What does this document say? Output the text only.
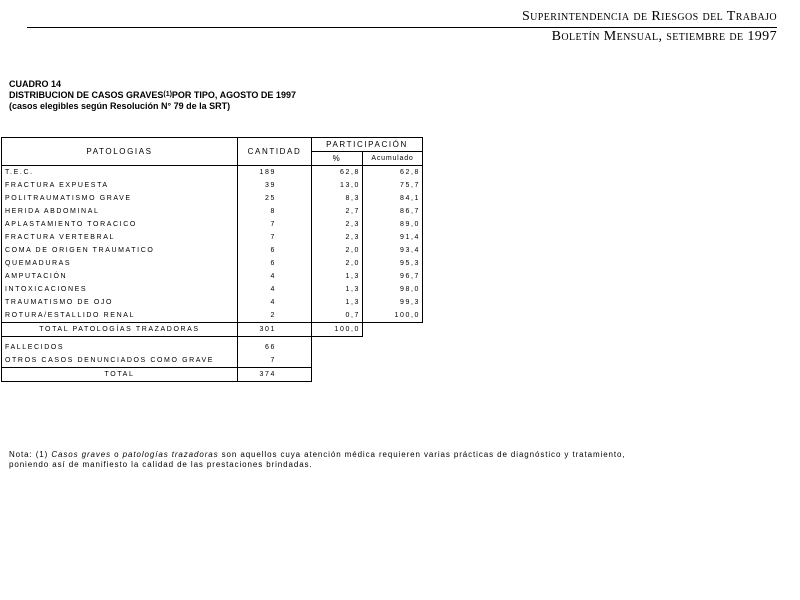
Superintendencia de Riesgos del Trabajo
Boletín Mensual, setiembre de 1997
CUADRO 14
DISTRIBUCION DE CASOS GRAVES$^{(1)}$POR TIPO, AGOSTO DE 1997
(casos elegibles según Resolución N° 79 de la SRT)
PATOLOGIAS	CANTIDAD	PARTICIPACIÓN	
		%	Acumulado
T.E.C.	189	62,8	62,8
FRACTURA EXPUESTA	39	13,0	75,7
POLITRAUMATISMO GRAVE	25	8,3	84,1
HERIDA ABDOMINAL	8	2,7	86,7
APLASTAMIENTO TORACICO	7	2,3	89,0
FRACTURA VERTEBRAL	7	2,3	91,4
COMA DE ORIGEN TRAUMATICO	6	2,0	93,4
QUEMADURAS	6	2,0	95,3
AMPUTACIÓN	4	1,3	96,7
INTOXICACIONES	4	1,3	98,0
TRAUMATISMO DE OJO	4	1,3	99,3
ROTURA/ESTALLIDO RENAL	2	0,7	100,0
TOTAL PATOLOGÍAS TRAZADORAS	301	100,0	

FALLECIDOS	66		
OTROS CASOS DENUNCIADOS COMO GRAVE	7		
TOTAL	374		
Nota: (1) Casos graves o patologías trazadoras son aquellos cuya atención médica requieren varias prácticas de diagnóstico y tratamiento, poniendo así de manifiesto la calidad de las prestaciones brindadas.
